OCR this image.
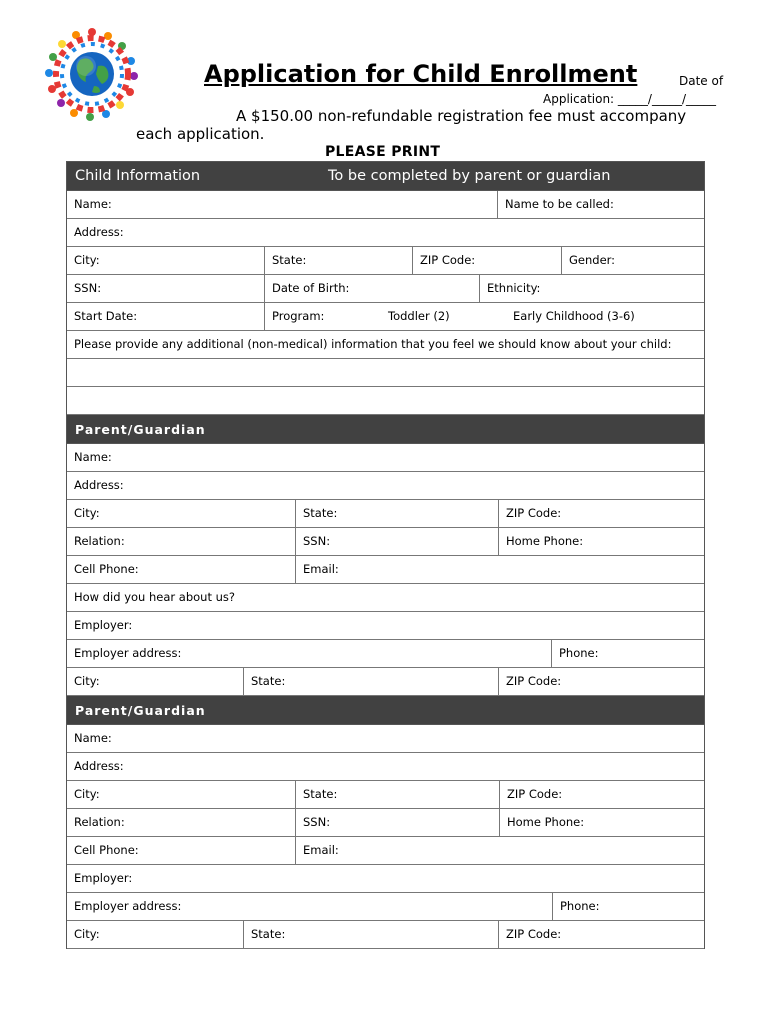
Application for Child Enrollment	Date of
Application: _____/_____/_____
A $150.00 non-refundable registration fee must accompany
each application.
PLEASE PRINT
Child Information	To be completed by parent or guardian
Name:	Name to be called:
Address:
City:	State:	ZIP Code:	Gender:
SSN:	Date of Birth:	Ethnicity:
Start Date:	Program:	Toddler (2)	Early Childhood (3-6)
Please provide any additional (non-medical) information that you feel we should know about your child:
Parent/Guardian
Name:
Address:
City:	State:	ZIP Code:
Relation:	SSN:	Home Phone:
Cell Phone:	Email:
How did you hear about us?
Employer:
Employer address:	Phone:
City:	State:	ZIP Code:
Parent/Guardian
Name:
Address:
City:	State:	ZIP Code:
Relation:	SSN:	Home Phone:
Cell Phone:	Email:
Employer:
Employer address:	Phone:
City:	State:	ZIP Code:
